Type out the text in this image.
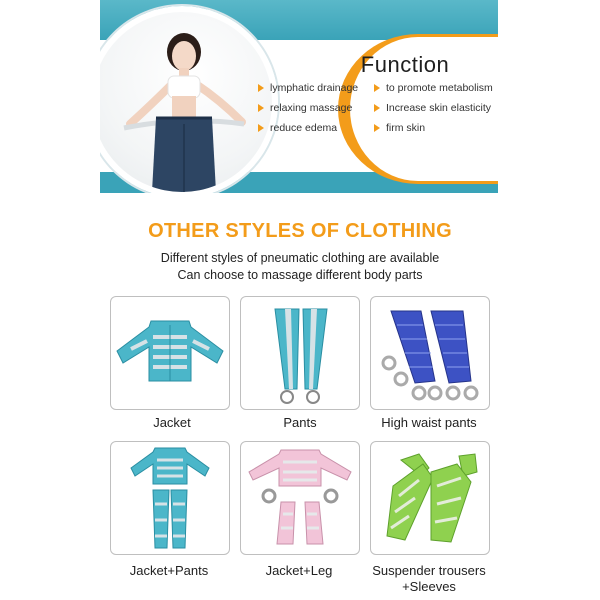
Function
lymphatic drainage	to promote metabolism
relaxing massage	Increase skin elasticity
reduce edema	firm skin
OTHER STYLES OF CLOTHING
Different styles of pneumatic clothing are available
Can choose to massage different body parts
Jacket	Pants	High waist pants
Jacket+Pants	Jacket+Leg	Suspender trousers
+Sleeves
